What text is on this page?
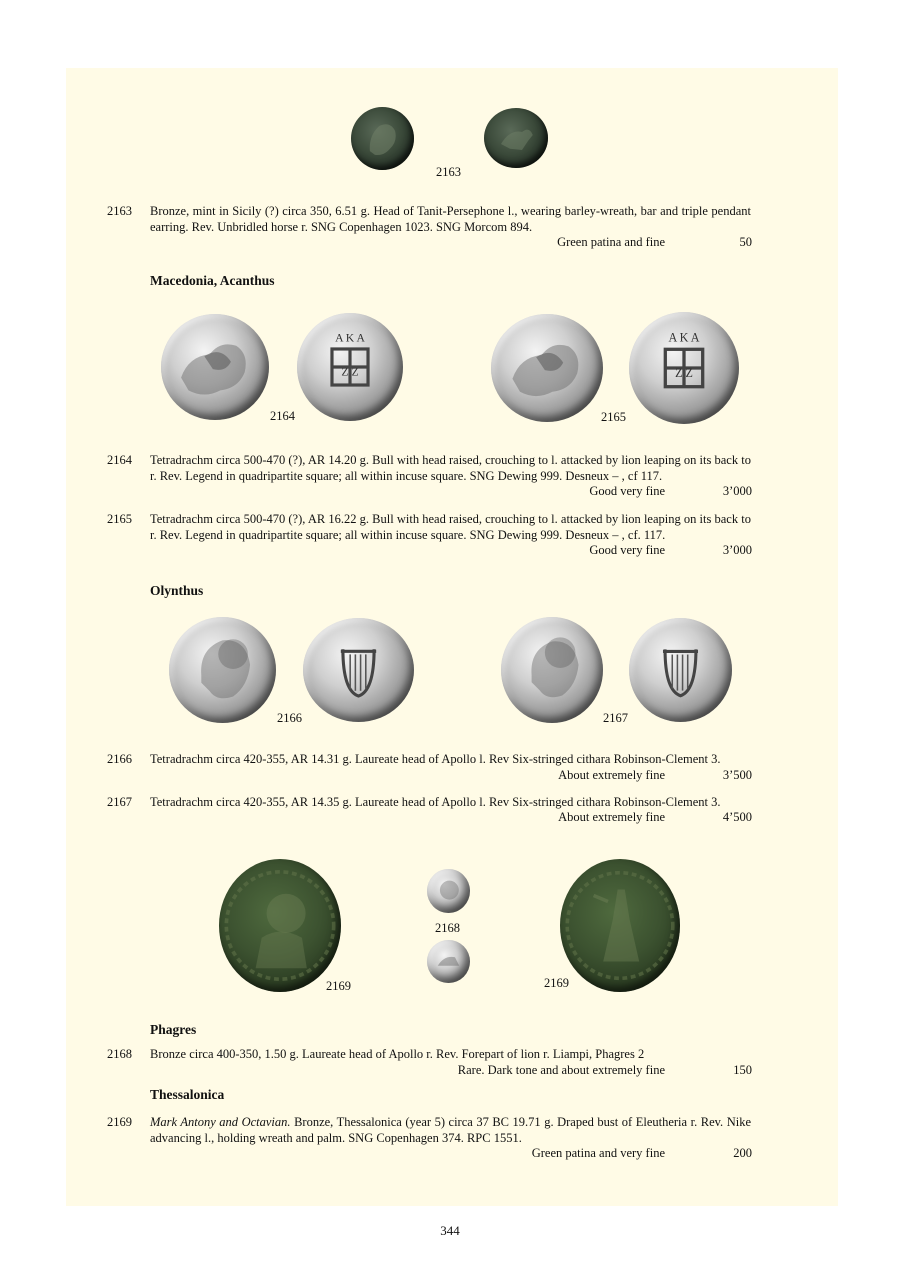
2163
2163 Bronze, mint in Sicily (?) circa 350, 6.51 g. Head of Tanit-Persephone l., wearing barley-wreath, bar and triple pendant earring. Rev. Unbridled horse r. SNG Copenhagen 1023. SNG Morcom 894.
Green patina and fine	50
Macedonia, Acanthus
Α Κ Α
Ζ Ζ
2164
Α Κ Α
Ζ Ζ
2165
2164 Tetradrachm circa 500-470 (?), AR 14.20 g. Bull with head raised, crouching to l. attacked by lion leaping on its back to r. Rev. Legend in quadripartite square; all within incuse square. SNG Dewing 999. Desneux – , cf 117.
Good very fine	3’000
2165 Tetradrachm circa 500-470 (?), AR 16.22 g. Bull with head raised, crouching to l. attacked by lion leaping on its back to r. Rev. Legend in quadripartite square; all within incuse square. SNG Dewing 999. Desneux – , cf. 117.
Good very fine	3’000
Olynthus
2166	2167
2166 Tetradrachm circa 420-355, AR 14.31 g. Laureate head of Apollo l. Rev Six-stringed cithara Robinson-Clement 3.
About extremely fine	3’500
2167 Tetradrachm circa 420-355, AR 14.35 g. Laureate head of Apollo l. Rev Six-stringed cithara Robinson-Clement 3.
About extremely fine	4’500
2169
2168
2169
Phagres
2168 Bronze circa 400-350, 1.50 g. Laureate head of Apollo r. Rev. Forepart of lion r. Liampi, Phagres 2
Rare. Dark tone and about extremely fine	150
Thessalonica
2169 Mark Antony and Octavian. Bronze, Thessalonica (year 5) circa 37 BC 19.71 g. Draped bust of Eleutheria r. Rev. Nike advancing l., holding wreath and palm. SNG Copenhagen 374. RPC 1551.
Green patina and very fine	200
344
